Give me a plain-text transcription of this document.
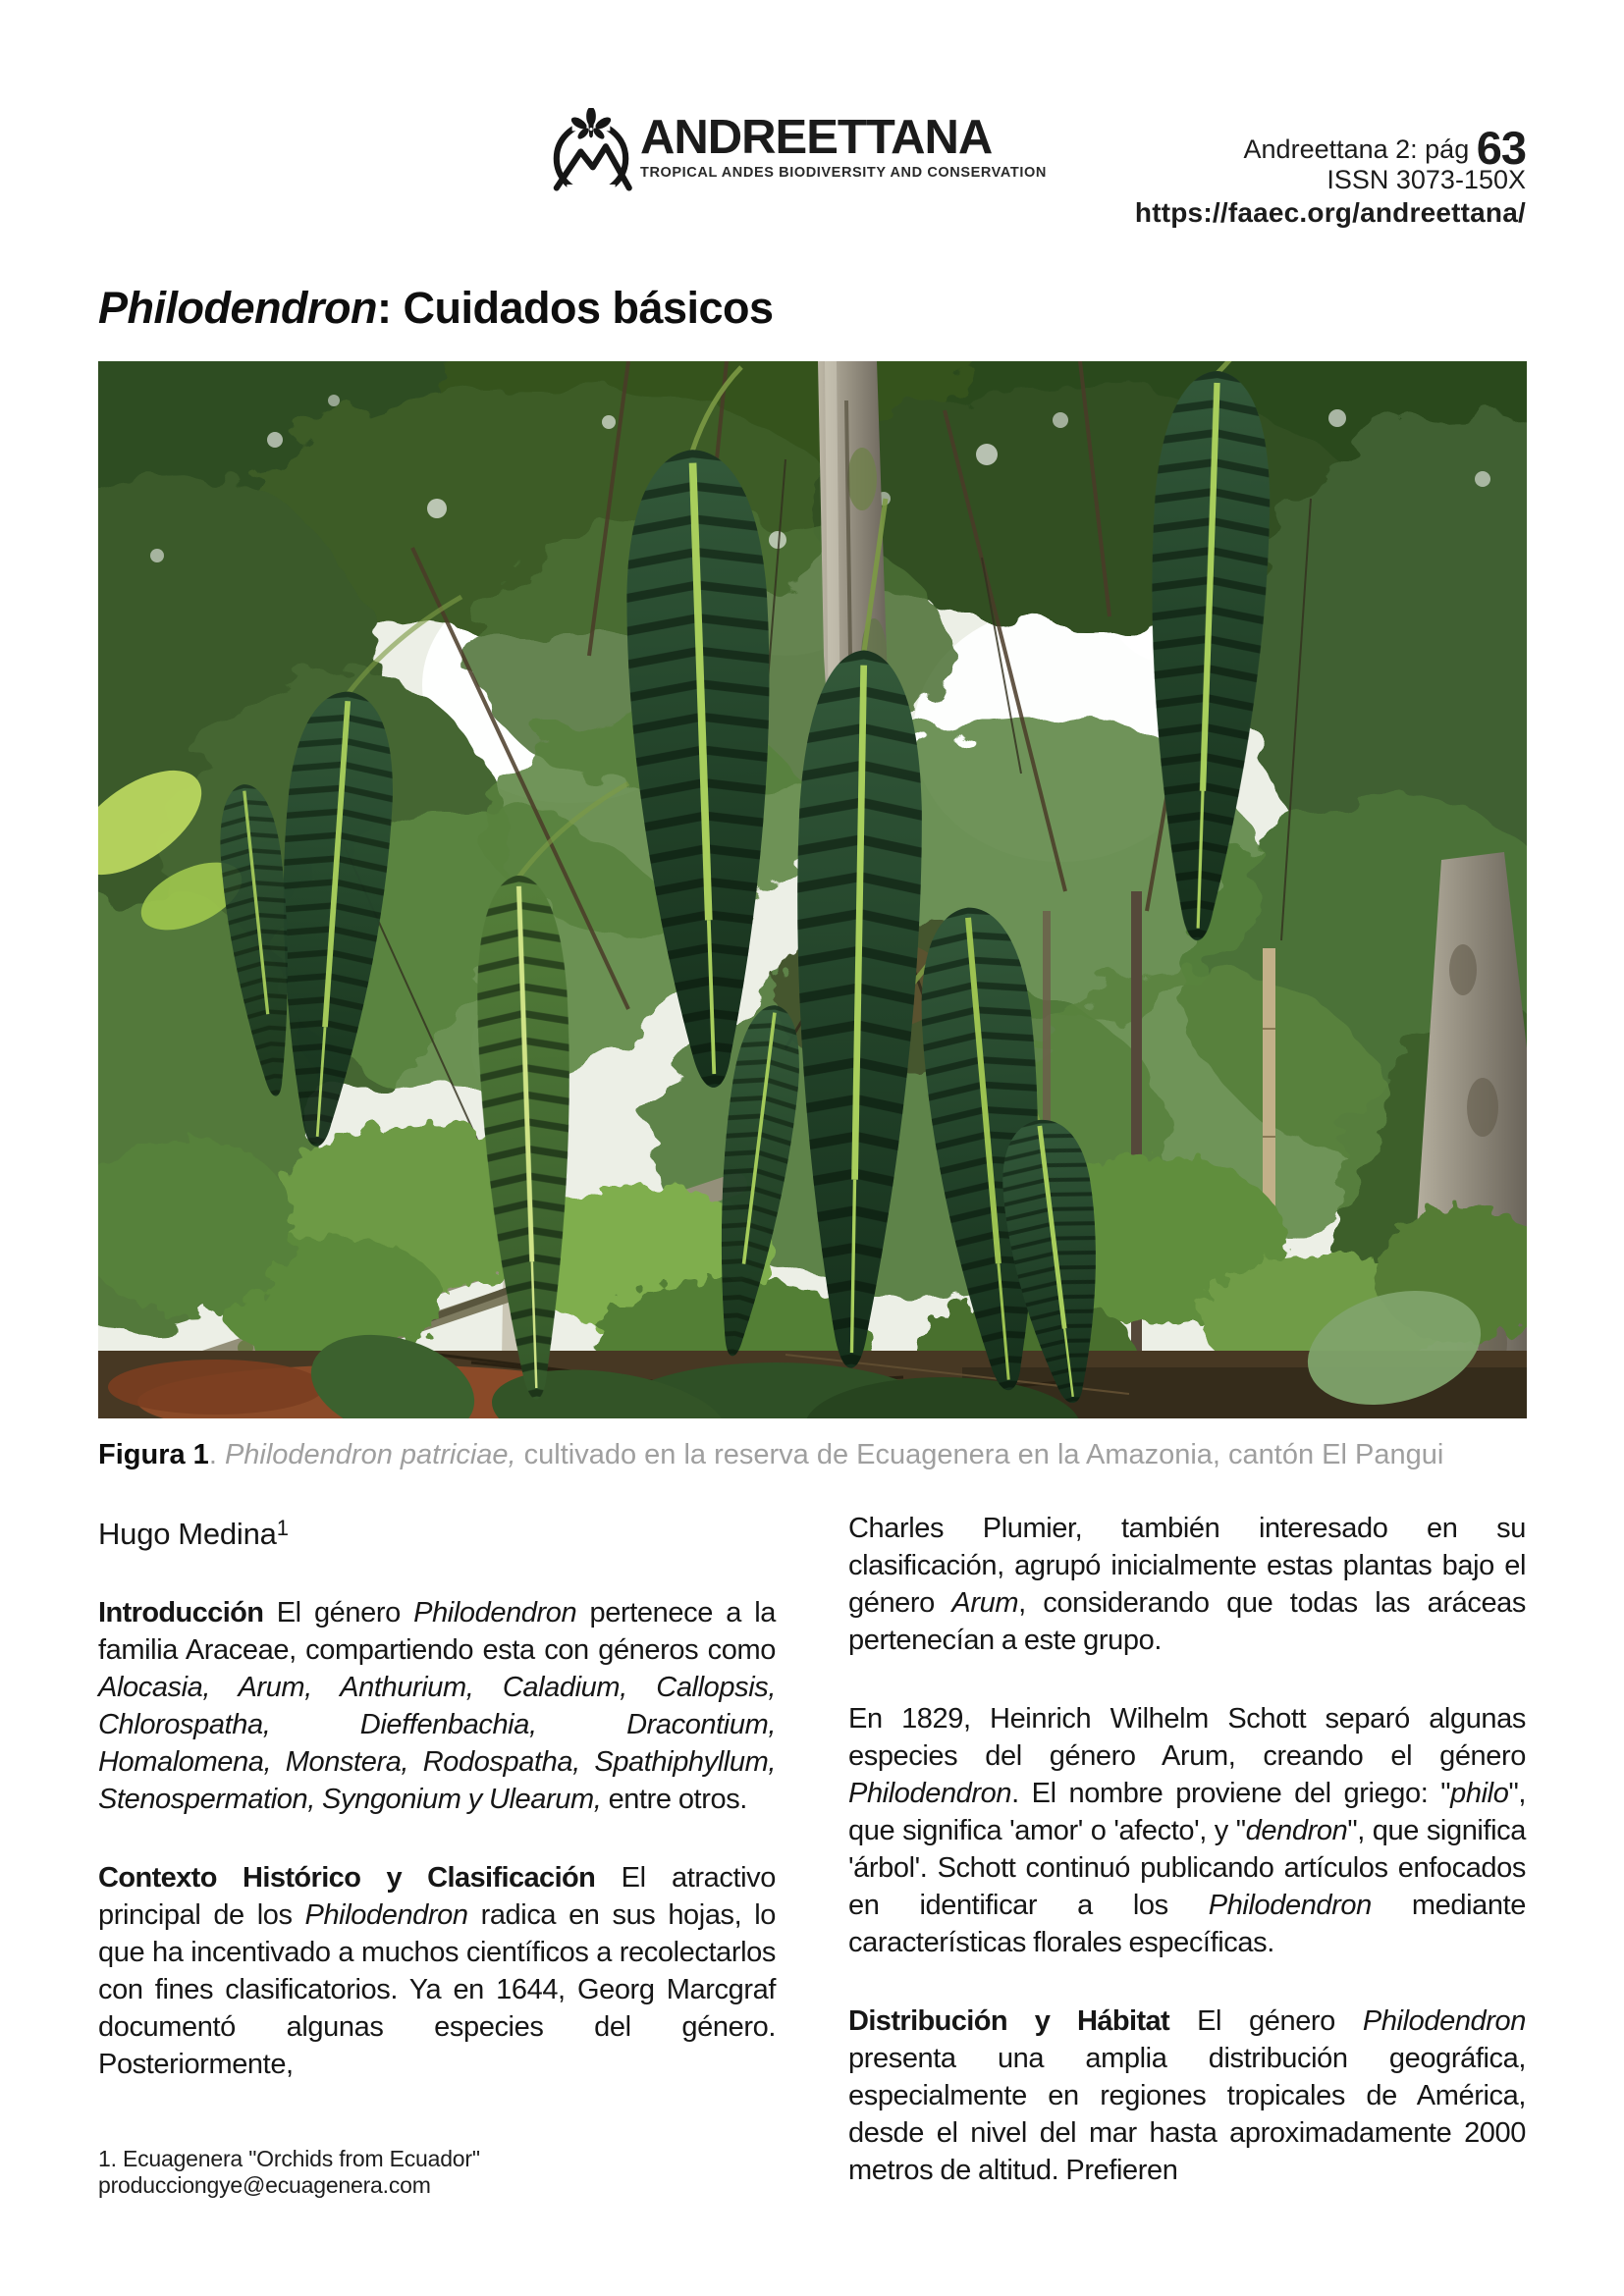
ANDREETTANA
TROPICAL ANDES BIODIVERSITY AND CONSERVATION
Andreettana 2: pág 63
ISSN 3073-150X
https://faaec.org/andreettana/
Philodendron: Cuidados básicos
Figura 1. Philodendron patriciae, cultivado en la reserva de Ecuagenera en la Amazonia, cantón El Pangui

Hugo Medina$^1$

Introducción El género Philodendron pertenece a la familia Araceae, compartiendo esta con géneros como Alocasia, Arum, Anthurium, Caladium, Callopsis, Chlorospatha, Dieffenbachia, Dracontium, Homalomena, Monstera, Rodospatha, Spathiphyllum, Stenospermation, Syngonium y Ulearum, entre otros.

Contexto Histórico y Clasificación El atractivo principal de los Philodendron radica en sus hojas, lo que ha incentivado a muchos científicos a recolectarlos con fines clasificatorios. Ya en 1644, Georg Marcgraf documentó algunas especies del género. Posteriormente,

Charles Plumier, también interesado en su clasificación, agrupó inicialmente estas plantas bajo el género Arum, considerando que todas las aráceas pertenecían a este grupo.

En 1829, Heinrich Wilhelm Schott separó algunas especies del género Arum, creando el género Philodendron. El nombre proviene del griego: "philo", que significa 'amor' o 'afecto', y "dendron", que significa 'árbol'. Schott continuó publicando artículos enfocados en identificar a los Philodendron mediante características florales específicas.

Distribución y Hábitat El género Philodendron presenta una amplia distribución geográfica, especialmente en regiones tropicales de América, desde el nivel del mar hasta aproximadamente 2000 metros de altitud. Prefieren

1. Ecuagenera "Orchids from Ecuador" producciongye@ecuagenera.com
